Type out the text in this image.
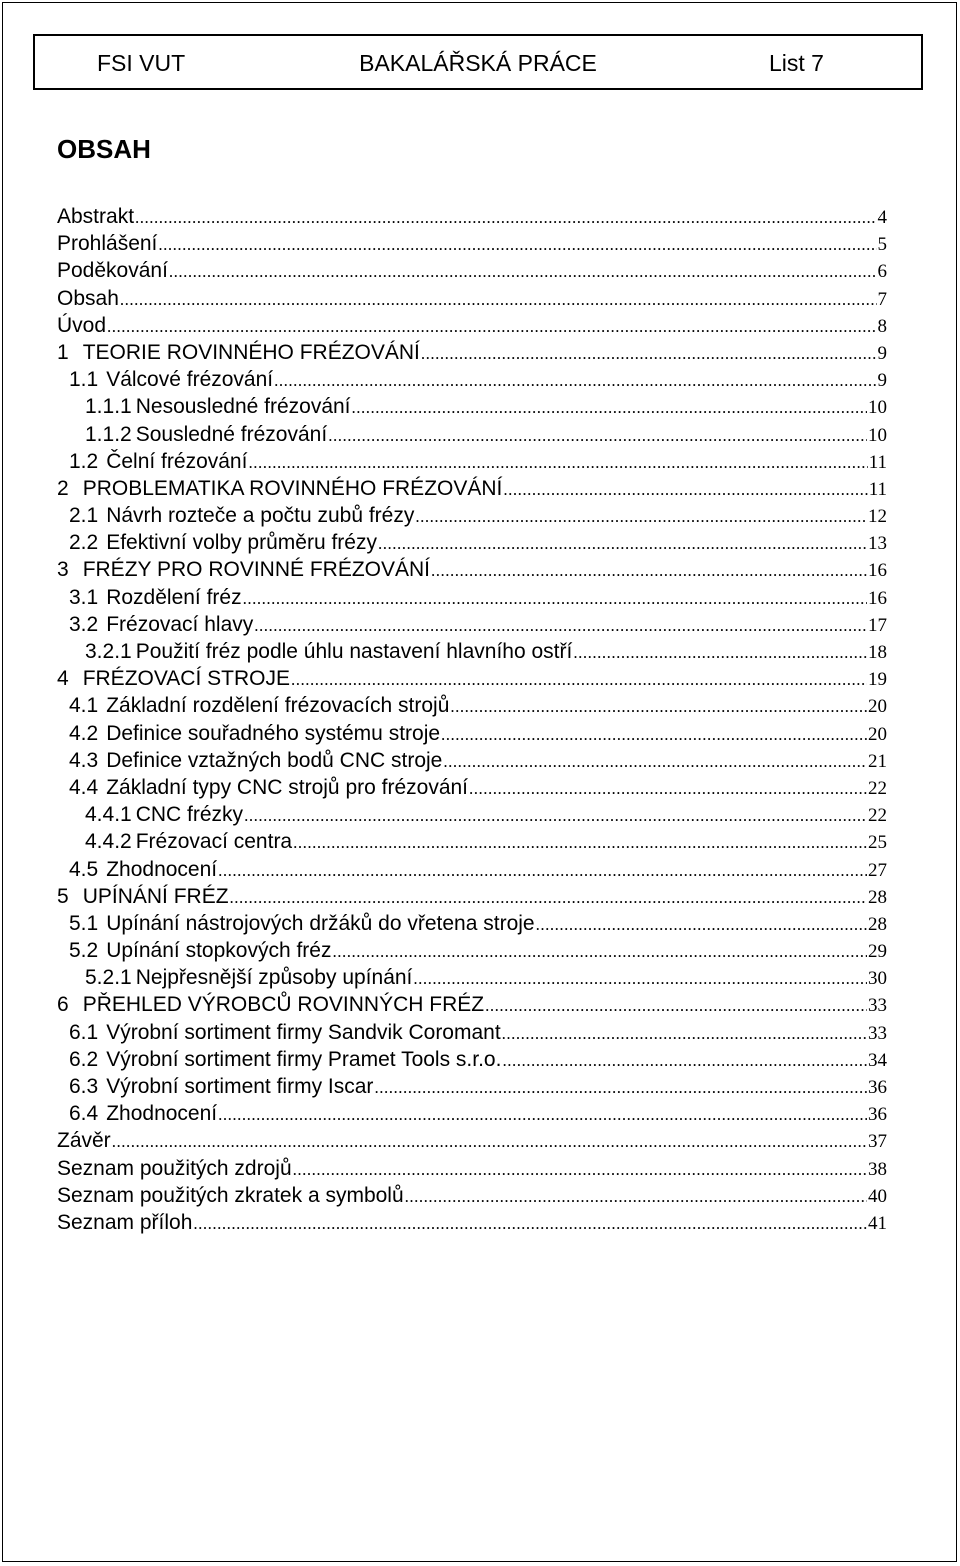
FSI VUT	BAKALÁŘSKÁ PRÁCE	List 7
OBSAH
Abstrakt .....	4
Prohlášení .....	5
Poděkování .....	6
Obsah .....	7
Úvod .....	8
1 TEORIE ROVINNÉHO FRÉZOVÁNÍ .....	9
1.1 Válcové frézování .....	9
1.1.1 Nesousledné frézování .....	10
1.1.2 Sousledné frézování .....	10
1.2 Čelní frézování .....	11
2 PROBLEMATIKA ROVINNÉHO FRÉZOVÁNÍ .....	11
2.1 Návrh rozteče a počtu zubů frézy .....	12
2.2 Efektivní volby průměru frézy .....	13
3 FRÉZY PRO ROVINNÉ FRÉZOVÁNÍ .....	16
3.1 Rozdělení fréz .....	16
3.2 Frézovací hlavy .....	17
3.2.1 Použití fréz podle úhlu nastavení hlavního ostří .....	18
4 FRÉZOVACÍ STROJE .....	19
4.1 Základní rozdělení frézovacích strojů .....	20
4.2 Definice souřadného systému stroje .....	20
4.3 Definice vztažných bodů CNC stroje .....	21
4.4 Základní typy CNC strojů pro frézování .....	22
4.4.1 CNC frézky .....	22
4.4.2 Frézovací centra .....	25
4.5 Zhodnocení .....	27
5 UPÍNÁNÍ FRÉZ .....	28
5.1 Upínání nástrojových držáků do vřetena stroje .....	28
5.2 Upínání stopkových fréz .....	29
5.2.1 Nejpřesnější způsoby upínání .....	30
6 PŘEHLED VÝROBCŮ ROVINNÝCH FRÉZ .....	33
6.1 Výrobní sortiment firmy Sandvik Coromant .....	33
6.2 Výrobní sortiment firmy Pramet Tools s.r.o. .....	34
6.3 Výrobní sortiment firmy Iscar .....	36
6.4 Zhodnocení .....	36
Závěr .....	37
Seznam použitých zdrojů .....	38
Seznam použitých zkratek a symbolů .....	40
Seznam příloh .....	41
